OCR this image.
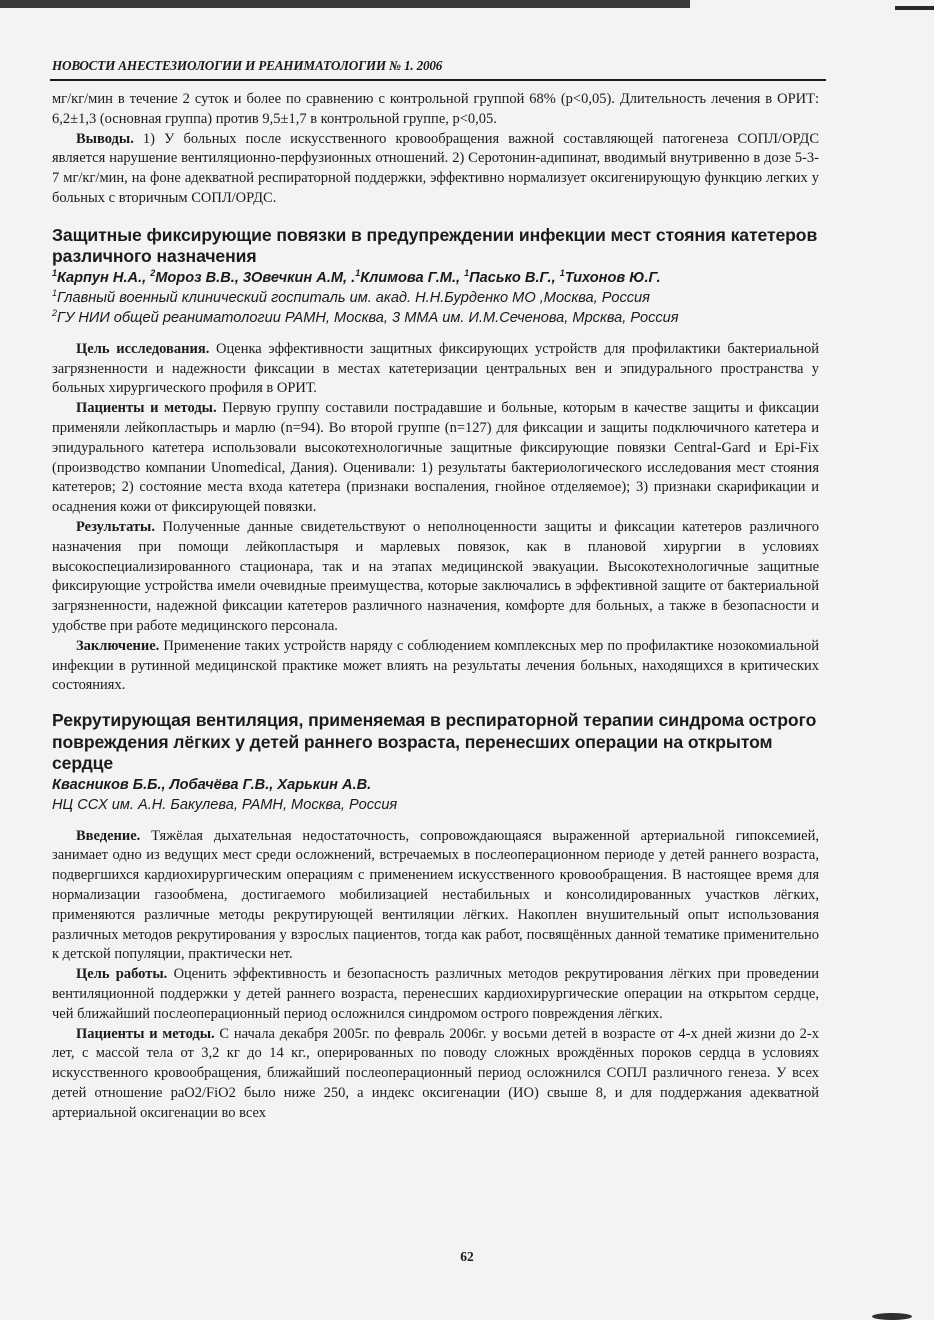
НОВОСТИ АНЕСТЕЗИОЛОГИИ И РЕАНИМАТОЛОГИИ № 1. 2006

мг/кг/мин в течение 2 суток и более по сравнению с контрольной группой 68% (p<0,05). Длительность лечения в ОРИТ: 6,2±1,3 (основная группа) против 9,5±1,7 в контрольной группе, p<0,05.

Выводы. 1) У больных после искусственного кровообращения важной составляющей патогенеза СОПЛ/ОРДС является нарушение вентиляционно-перфузионных отношений. 2) Серотонин-адипинат, вводимый внутривенно в дозе 5-3-7 мг/кг/мин, на фоне адекватной респираторной поддержки, эффективно нормализует оксигенирующую функцию легких у больных с вторичным СОПЛ/ОРДС.

Защитные фиксирующие повязки в предупреждении инфекции мест стояния катетеров различного назначения

$^1$Карпун Н.А., $^2$Мороз В.В., 3Овечкин А.М, .$^1$Климова Г.М., $^1$Пасько В.Г., $^1$Тихонов Ю.Г.

$^1$Главный военный клинический госпиталь им. акад. Н.Н.Бурденко МО ,Москва, Россия

$^2$ГУ НИИ общей реаниматологии РАМН, Москва, 3 ММА им. И.М.Сеченова, Мрсква, Россия

Цель исследования. Оценка эффективности защитных фиксирующих устройств для профилактики бактериальной загрязненности и надежности фиксации в местах катетеризации центральных вен и эпидурального пространства у больных хирургического профиля в ОРИТ.

Пациенты и методы. Первую группу составили пострадавшие и больные, которым в качестве защиты и фиксации применяли лейкопластырь и марлю (n=94). Во второй группе (n=127) для фиксации и защиты подключичного катетера и эпидурального катетера использовали высокотехнологичные защитные фиксирующие повязки Central-Gard и Epi-Fix (производство компании Unomedical, Дания). Оценивали: 1) результаты бактериологического исследования мест стояния катетеров; 2) состояние места входа катетера (признаки воспаления, гнойное отделяемое); 3) признаки скарификации и осаднения кожи от фиксирующей повязки.

Результаты. Полученные данные свидетельствуют о неполноценности защиты и фиксации катетеров различного назначения при помощи лейкопластыря и марлевых повязок, как в плановой хирургии в условиях высокоспециализированного стационара, так и на этапах медицинской эвакуации. Высокотехнологичные защитные фиксирующие устройства имели очевидные преимущества, которые заключались в эффективной защите от бактериальной загрязненности, надежной фиксации катетеров различного назначения, комфорте для больных, а также в безопасности и удобстве при работе медицинского персонала.

Заключение. Применение таких устройств наряду с соблюдением комплексных мер по профилактике нозокомиальной инфекции в рутинной медицинской практике может влиять на результаты лечения больных, находящихся в критических состояниях.

Рекрутирующая вентиляция, применяемая в респираторной терапии синдрома острого повреждения лёгких у детей раннего возраста, перенесших операции на открытом сердце

Квасников Б.Б., Лобачёва Г.В., Харькин А.В.

НЦ ССХ им. А.Н. Бакулева, РАМН, Москва, Россия

Введение. Тяжёлая дыхательная недостаточность, сопровождающаяся выраженной артериальной гипоксемией, занимает одно из ведущих мест среди осложнений, встречаемых в послеоперационном периоде у детей раннего возраста, подвергшихся кардиохирургическим операциям с применением искусственного кровообращения. В настоящее время для нормализации газообмена, достигаемого мобилизацией нестабильных и консолидированных участков лёгких, применяются различные методы рекрутирующей вентиляции лёгких. Накоплен внушительный опыт использования различных методов рекрутирования у взрослых пациентов, тогда как работ, посвящённых данной тематике применительно к детской популяции, практически нет.

Цель работы. Оценить эффективность и безопасность различных методов рекрутирования лёгких при проведении вентиляционной поддержки у детей раннего возраста, перенесших кардиохирургические операции на открытом сердце, чей ближайший послеоперационный период осложнился синдромом острого повреждения лёгких.

Пациенты и методы. С начала декабря 2005г. по февраль 2006г. у восьми детей в возрасте от 4-х дней жизни до 2-х лет, с массой тела от 3,2 кг до 14 кг., оперированных по поводу сложных врождённых пороков сердца в условиях искусственного кровообращения, ближайший послеоперационный период осложнился СОПЛ различного генеза. У всех детей отношение paO2/FiO2 было ниже 250, а индекс оксигенации (ИО) свыше 8, и для поддержания адекватной артериальной оксигенации во всех

62
